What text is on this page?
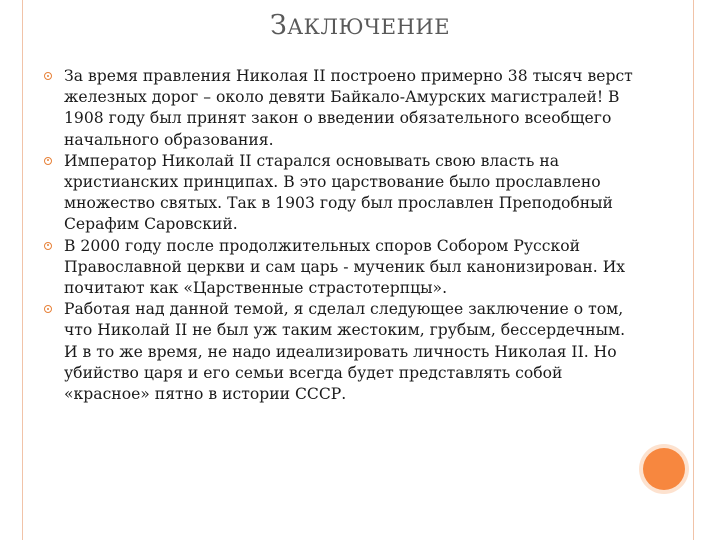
ЗАКЛЮЧЕНИЕ
За время правления Николая II построено примерно 38 тысяч верст железных дорог – около девяти Байкало-Амурских магистралей! В 1908 году был принят закон о введении обязательного всеобщего начального образования.
Император Николай II старался основывать свою власть на христианских принципах. В это царствование было прославлено множество святых. Так в 1903 году был прославлен Преподобный Серафим Саровский.
В 2000 году после продолжительных споров Собором Русской Православной церкви и сам царь - мученик был канонизирован. Их почитают как «Царственные страстотерпцы».
Работая над данной темой, я сделал следующее заключение о том, что Николай II не был уж таким жестоким, грубым, бессердечным. И в то же время, не надо идеализировать личность Николая II. Но убийство царя и его семьи всегда будет представлять собой «красное» пятно в истории СССР.
